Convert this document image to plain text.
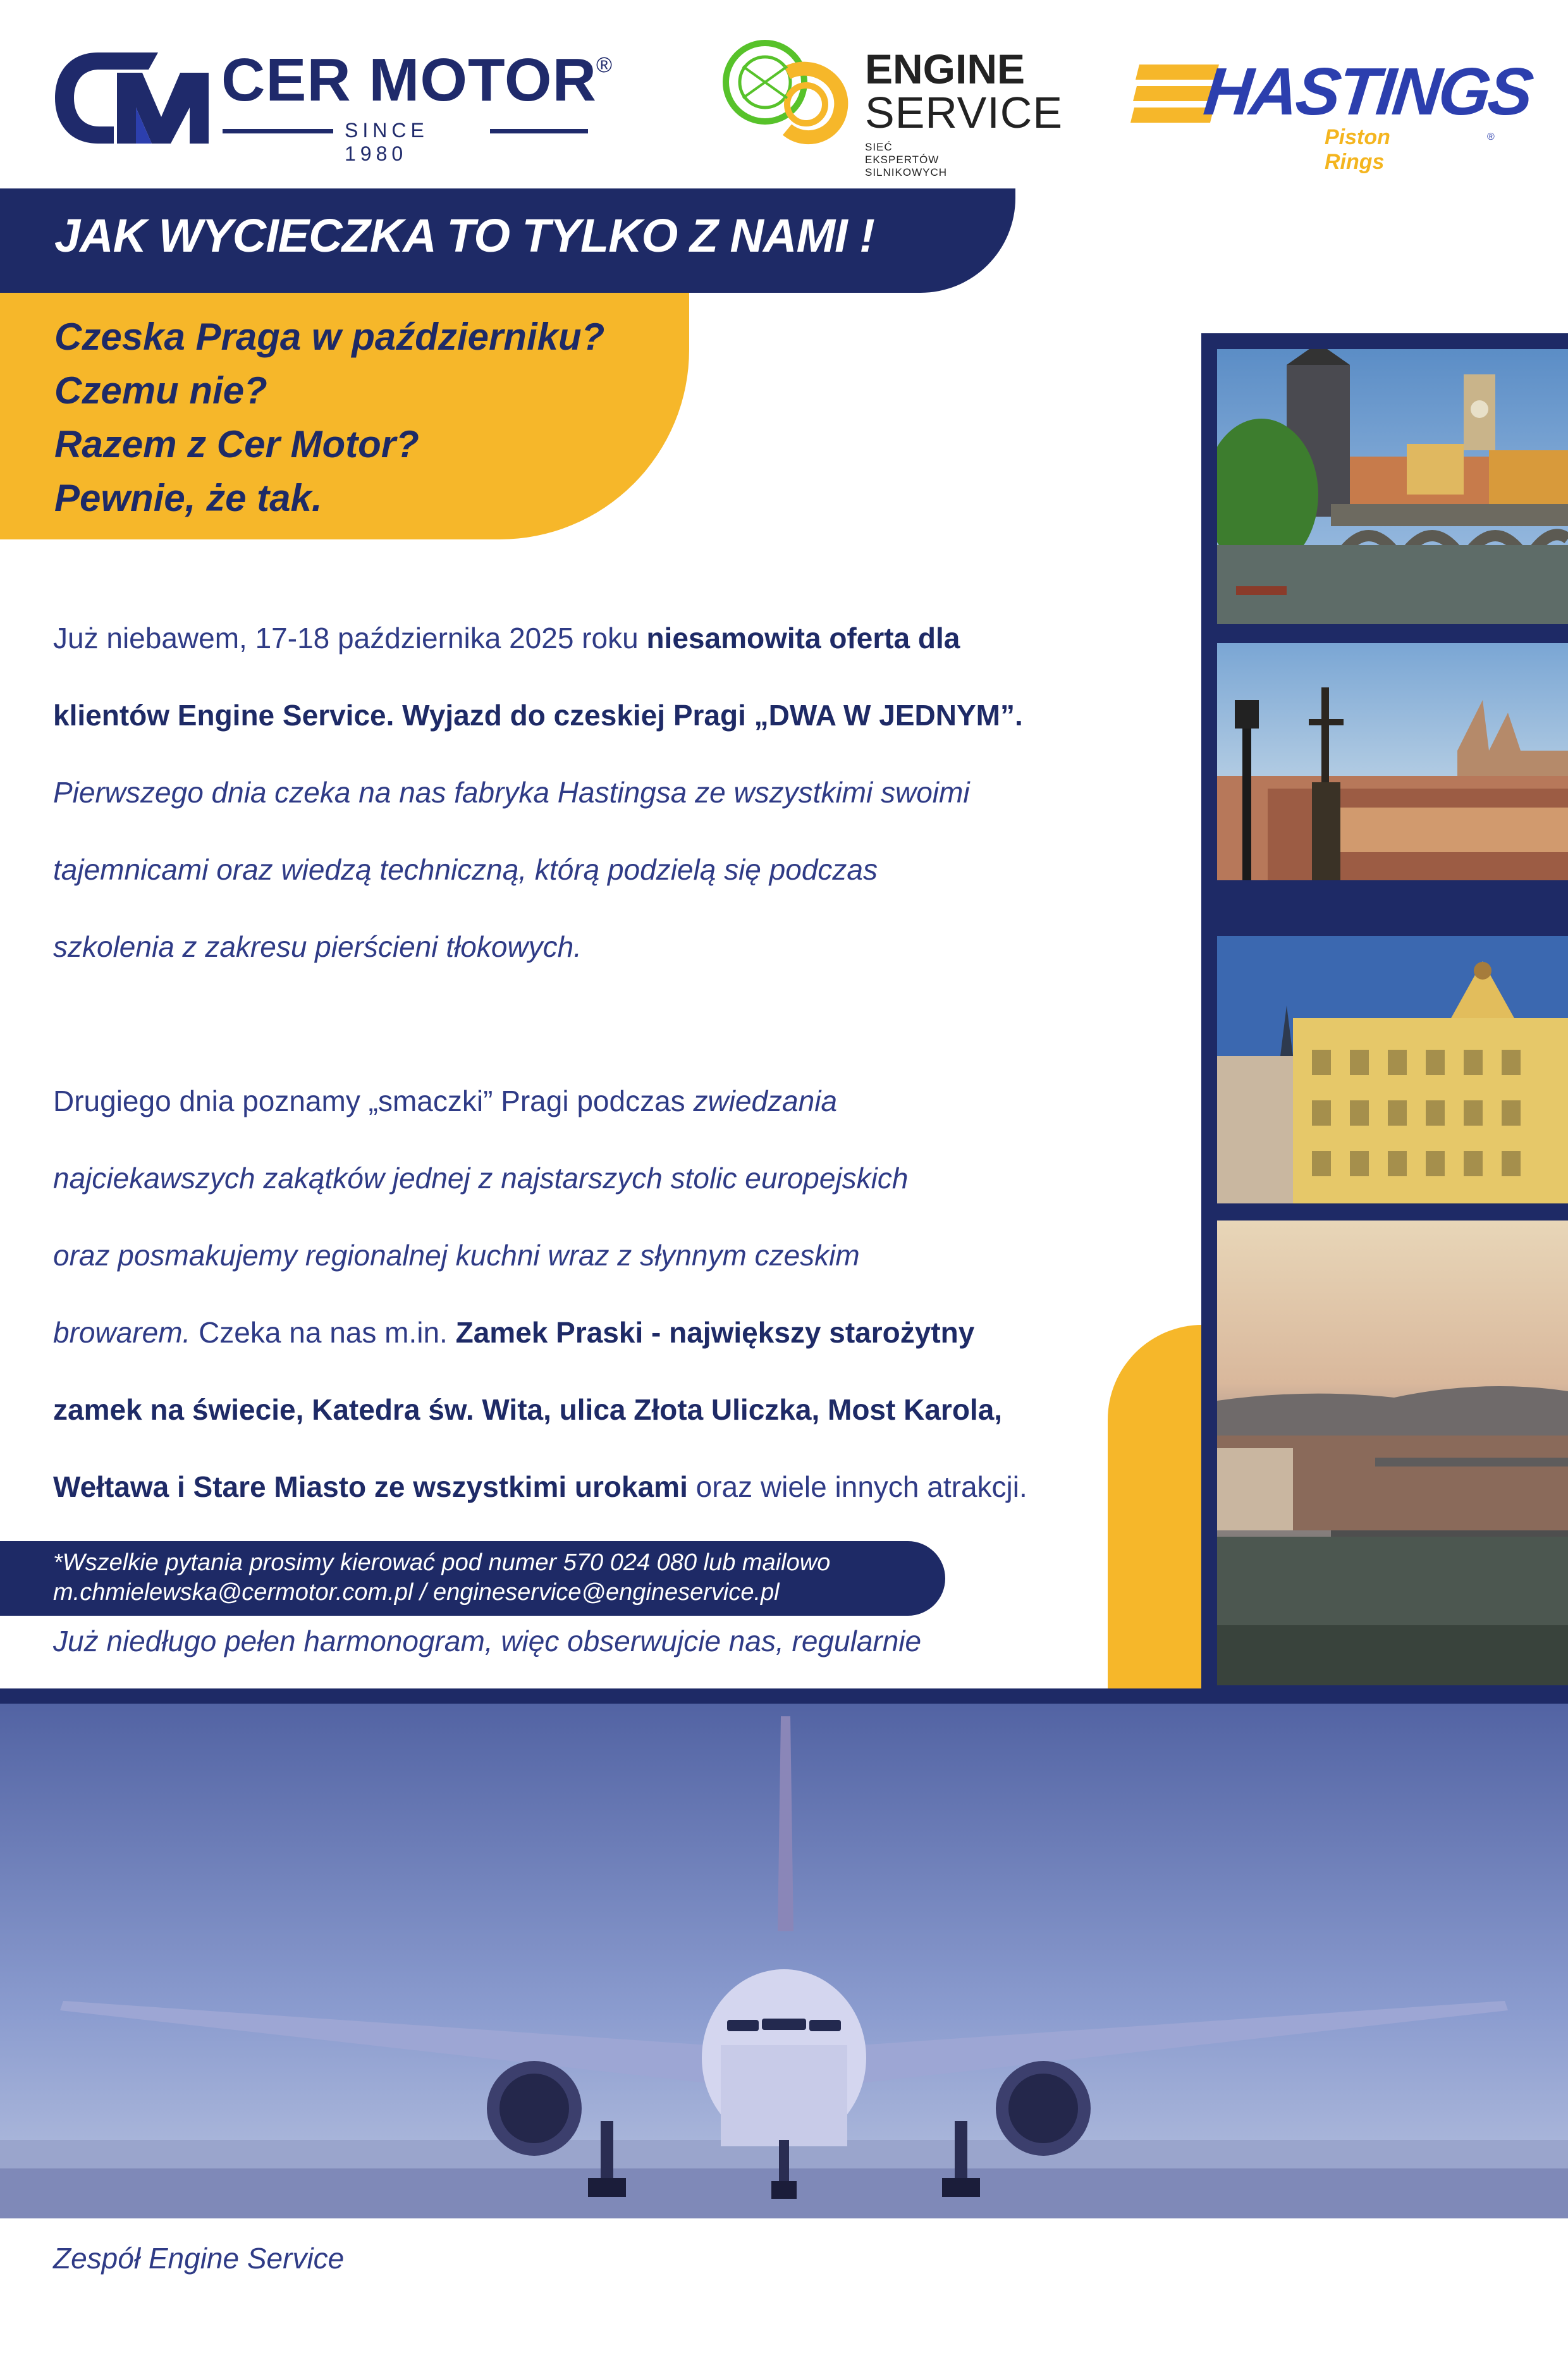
CER MOTOR ®
SINCE 1980
ENGINE
SERVICE
SIEĆ EKSPERTÓW SILNIKOWYCH
HASTINGS
Piston Rings
®
JAK WYCIECZKA TO TYLKO Z NAMI !
Czeska Praga w październiku?
Czemu nie?
Razem z Cer Motor?
Pewnie, że tak.

Już niebawem, 17-18 października 2025 roku niesamowita oferta dla

klientów Engine Service. Wyjazd do czeskiej Pragi „DWA W JEDNYM”.

Pierwszego dnia czeka na nas fabryka Hastingsa ze wszystkimi swoimi

tajemnicami oraz wiedzą techniczną, którą podzielą się podczas

szkolenia z zakresu pierścieni tłokowych.

Drugiego dnia poznamy „smaczki” Pragi podczas zwiedzania

najciekawszych zakątków jednej z najstarszych stolic europejskich

oraz posmakujemy regionalnej kuchni wraz z słynnym czeskim

browarem. Czeka na nas m.in. Zamek Praski - największy starożytny

zamek na świecie, Katedra św. Wita, ulica Złota Uliczka, Most Karola,

Wełtawa i Stare Miasto ze wszystkimi urokami oraz wiele innych atrakcji.

Już niedługo pełen harmonogram, więc obserwujcie nas, regularnie

Zespół Engine Service

*Wszelkie pytania prosimy kierować pod numer 570 024 080 lub mailowo
m.chmielewska@cermotor.com.pl / engineservice@engineservice.pl
